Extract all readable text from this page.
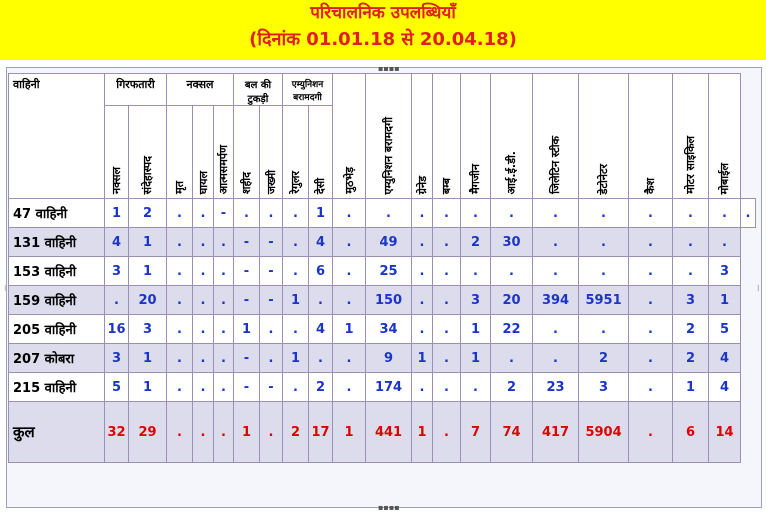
परिचालनिक उपलब्धियॉं
(दिनांक 01.01.18 से 20.04.18)
▪▪▪▪
⁝	⁝
▪▪▪▪
वाहिनी	गिरफतारी		नक्सल			बल की टुकड़ी		एम्युनिशन बरामदगी		मुठभेड़	एम्युनिशन बरामदगी	ग्रेनेड	बम्ब	मैगजीन	आई.ई.डी.	जिलेटिन स्टीक	डेटोनेटर	कैश	मोटर साइकिल	मोबाईल	
	नक्सल	संदेहास्पद	मृत	घायल	आत्मसमर्पण	शहीद	जख्मी	रेगुलर	देसी												
47 वाहिनी	1	2	.	.	-	.	.	.	1	.	.	.	.	.	.	.	.	.	.	.	.
131 वाहिनी	4	1	.	.	.	-	-	.	4	.	49	.	.	2	30	.	.	.	.	.	
153 वाहिनी	3	1	.	.	.	-	-	.	6	.	25	.	.	.	.	.	.	.	.	3	
159 वाहिनी	.	20	.	.	.	-	-	1	.	.	150	.	.	3	20	394	5951	.	3	1	
205 वाहिनी	16	3	.	.	.	1	.	.	4	1	34	.	.	1	22	.	.	.	2	5	
207 कोबरा	3	1	.	.	.	-	.	1	.	.	9	1	.	1	.	.	2	.	2	4	
215 वाहिनी	5	1	.	.	.	-	-	.	2	.	174	.	.	.	2	23	3	.	1	4	
कुल	32	29	.	.	.	1	.	2	17	1	441	1	.	7	74	417	5904	.	6	14	
